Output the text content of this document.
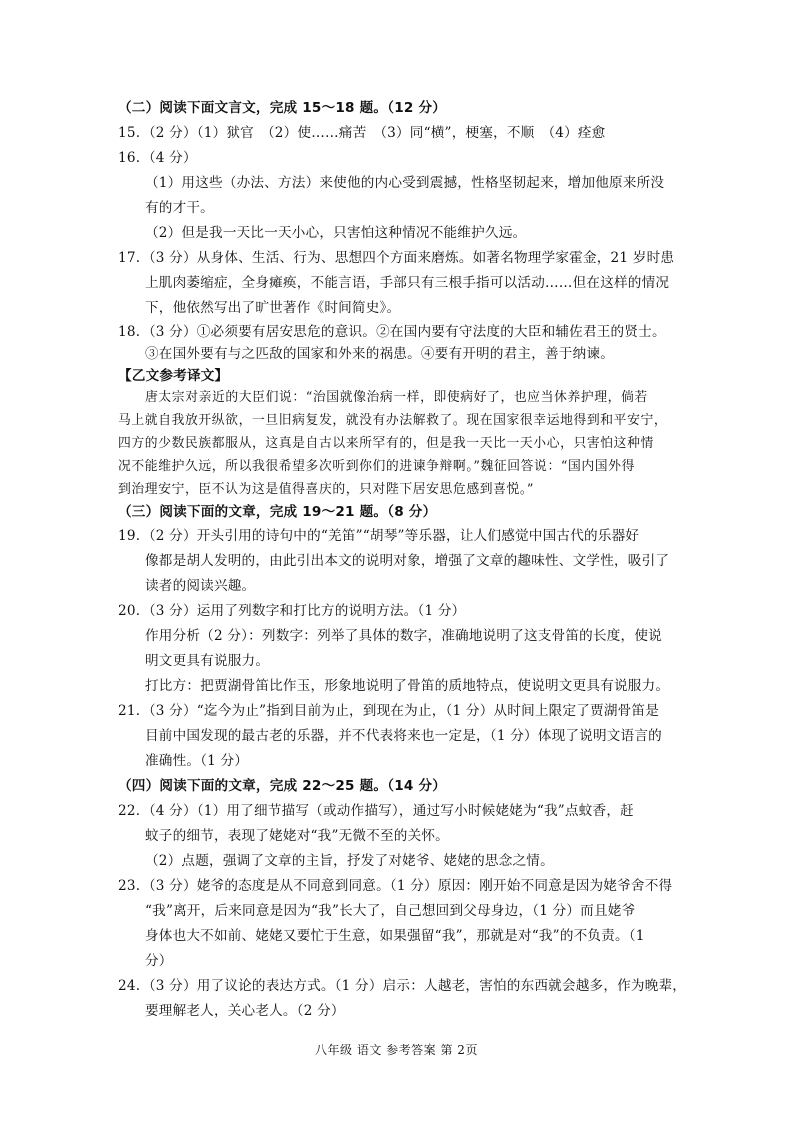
（二）阅读下面文言文，完成 15～18 题。（12 分）
15. （2 分）（1）狱官　（2）使……痛苦　（3）同“横”，梗塞，不顺　（4）痊愈
16. （4 分）
（1）用这些（办法、方法）来使他的内心受到震撼，性格坚韧起来，增加他原来所没
有的才干。
（2）但是我一天比一天小心，只害怕这种情况不能维护久远。
17. （3 分）从身体、生活、行为、思想四个方面来磨炼。如著名物理学家霍金，21 岁时患
上肌肉萎缩症，全身瘫痪，不能言语，手部只有三根手指可以活动……但在这样的情况
下，他依然写出了旷世著作《时间简史》。
18. （3 分）①必须要有居安思危的意识。②在国内要有守法度的大臣和辅佐君王的贤士。
③在国外要有与之匹敌的国家和外来的祸患。④要有开明的君主，善于纳谏。
【乙文参考译文】
唐太宗对亲近的大臣们说：“治国就像治病一样，即使病好了，也应当休养护理，倘若
马上就自我放开纵欲，一旦旧病复发，就没有办法解救了。现在国家很幸运地得到和平安宁，
四方的少数民族都服从，这真是自古以来所罕有的，但是我一天比一天小心，只害怕这种情
况不能维护久远，所以我很希望多次听到你们的进谏争辩啊。”魏征回答说：“国内国外得
到治理安宁，臣不认为这是值得喜庆的，只对陛下居安思危感到喜悦。”
（三）阅读下面的文章，完成 19～21 题。（8 分）
19. （2 分）开头引用的诗句中的“羌笛”“胡琴”等乐器，让人们感觉中国古代的乐器好
像都是胡人发明的，由此引出本文的说明对象，增强了文章的趣味性、文学性，吸引了
读者的阅读兴趣。
20. （3 分）运用了列数字和打比方的说明方法。（1 分）
作用分析（2 分）：列数字：列举了具体的数字，准确地说明了这支骨笛的长度，使说
明文更具有说服力。
打比方：把贾湖骨笛比作玉，形象地说明了骨笛的质地特点，使说明文更具有说服力。
21. （3 分）“迄今为止”指到目前为止，到现在为止，（1 分）从时间上限定了贾湖骨笛是
目前中国发现的最古老的乐器，并不代表将来也一定是，（1 分）体现了说明文语言的
准确性。（1 分）
（四）阅读下面的文章，完成 22～25 题。（14 分）
22. （4 分）（1）用了细节描写（或动作描写），通过写小时候姥姥为“我”点蚊香，赶
蚊子的细节，表现了姥姥对“我”无微不至的关怀。
（2）点题，强调了文章的主旨，抒发了对姥爷、姥姥的思念之情。
23. （3 分）姥爷的态度是从不同意到同意。（1 分）原因：刚开始不同意是因为姥爷舍不得
“我”离开，后来同意是因为“我”长大了，自己想回到父母身边，（1 分）而且姥爷
身体也大不如前、姥姥又要忙于生意，如果强留“我”，那就是对“我”的不负责。（1
分）
24. （3 分）用了议论的表达方式。（1 分）启示：人越老，害怕的东西就会越多，作为晚辈，
要理解老人，关心老人。（2 分）
八年级 语文 参考答案 第 2页
